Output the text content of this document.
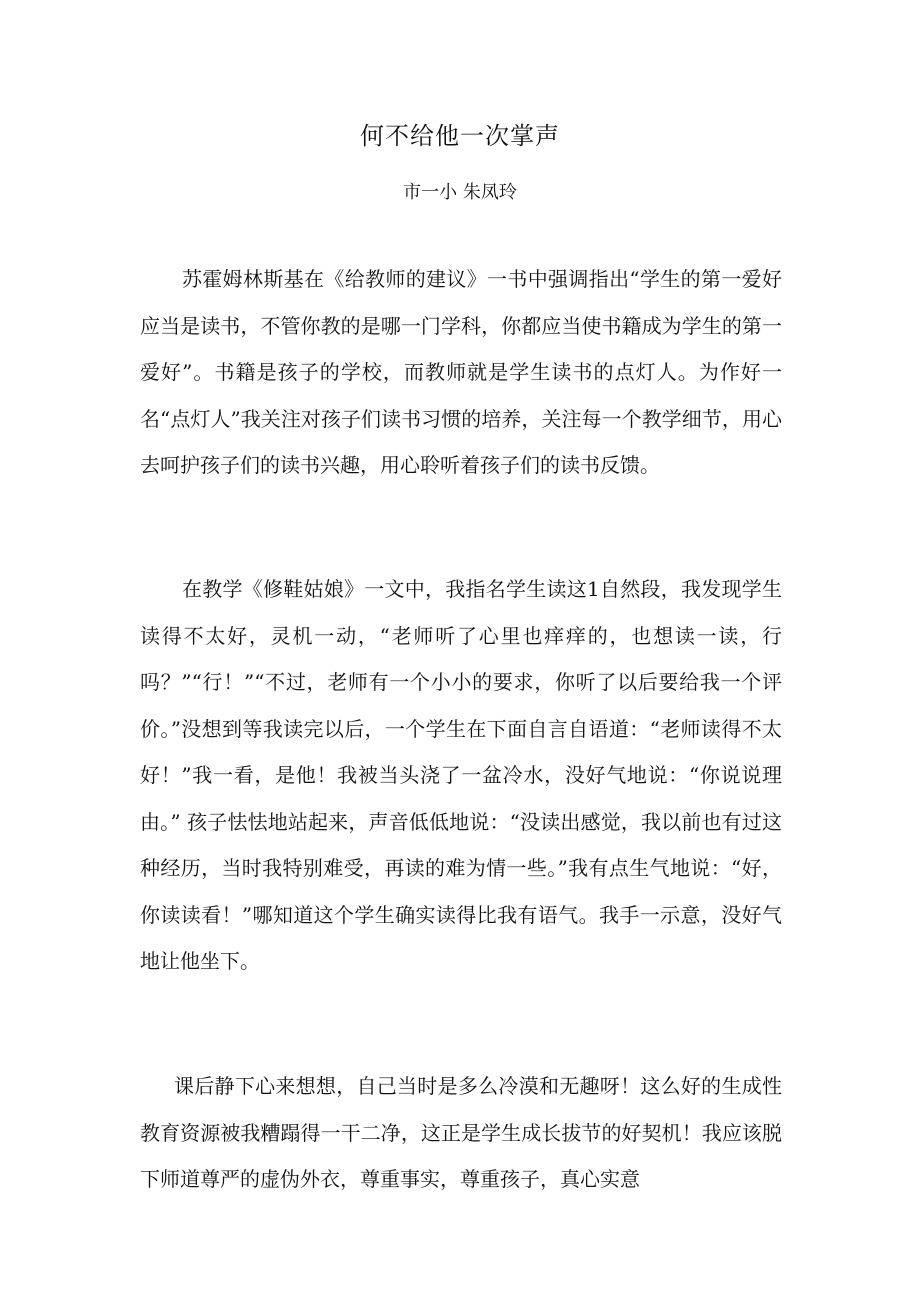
何不给他一次掌声
市一小 朱凤玲

苏霍姆林斯基在《给教师的建议》一书中强调指出“学生的第一爱好应当是读书，不管你教的是哪一门学科，你都应当使书籍成为学生的第一爱好”。书籍是孩子的学校，而教师就是学生读书的点灯人。为作好一名“点灯人”我关注对孩子们读书习惯的培养，关注每一个教学细节，用心去呵护孩子们的读书兴趣，用心聆听着孩子们的读书反馈。

在教学《修鞋姑娘》一文中，我指名学生读这1自然段，我发现学生读得不太好，灵机一动，“老师听了心里也痒痒的，也想读一读，行吗？”“行！”“不过，老师有一个小小的要求，你听了以后要给我一个评价。”没想到等我读完以后，一个学生在下面自言自语道：“老师读得不太好！”我一看，是他！我被当头浇了一盆冷水，没好气地说：“你说说理由。” 孩子怯怯地站起来，声音低低地说：“没读出感觉，我以前也有过这种经历，当时我特别难受，再读的难为情一些。”我有点生气地说：“好，你读读看！”哪知道这个学生确实读得比我有语气。我手一示意，没好气地让他坐下。

课后静下心来想想，自己当时是多么冷漠和无趣呀！这么好的生成性教育资源被我糟蹋得一干二净，这正是学生成长拔节的好契机！我应该脱下师道尊严的虚伪外衣，尊重事实，尊重孩子，真心实意
